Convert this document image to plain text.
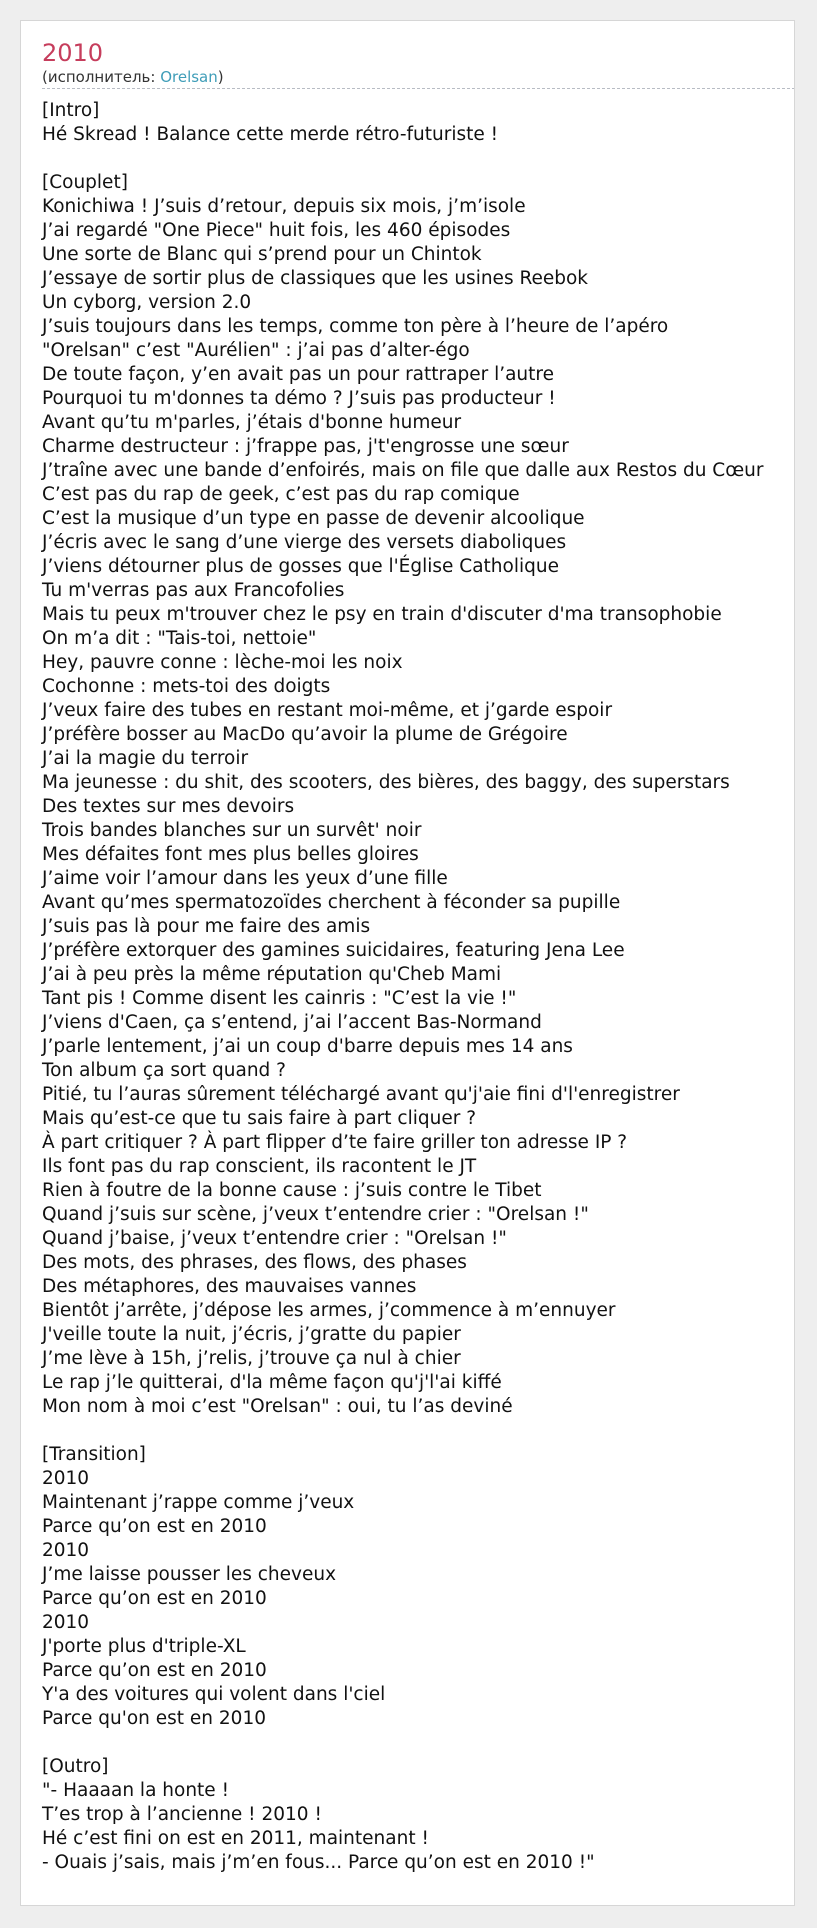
2010
(исполнитель: Orelsan)
[Intro]
Hé Skread ! Balance cette merde rétro-futuriste !
[Couplet]
Konichiwa ! J’suis d’retour, depuis six mois, j’m’isole
J’ai regardé "One Piece" huit fois, les 460 épisodes
Une sorte de Blanc qui s’prend pour un Chintok
J’essaye de sortir plus de classiques que les usines Reebok
Un cyborg, version 2.0
J’suis toujours dans les temps, comme ton père à l’heure de l’apéro
"Orelsan" c’est "Aurélien" : j’ai pas d’alter-égo
De toute façon, y’en avait pas un pour rattraper l’autre
Pourquoi tu m'donnes ta démo ? J’suis pas producteur !
Avant qu’tu m'parles, j’étais d'bonne humeur
Charme destructeur : j’frappe pas, j't'engrosse une sœur
J’traîne avec une bande d’enfoirés, mais on file que dalle aux Restos du Cœur
C’est pas du rap de geek, c’est pas du rap comique
C’est la musique d’un type en passe de devenir alcoolique
J’écris avec le sang d’une vierge des versets diaboliques
J’viens détourner plus de gosses que l'Église Catholique
Tu m'verras pas aux Francofolies
Mais tu peux m'trouver chez le psy en train d'discuter d'ma transophobie
On m’a dit : "Tais-toi, nettoie"
Hey, pauvre conne : lèche-moi les noix
Cochonne : mets-toi des doigts
J’veux faire des tubes en restant moi-même, et j’garde espoir
J’préfère bosser au MacDo qu’avoir la plume de Grégoire
J’ai la magie du terroir
Ma jeunesse : du shit, des scooters, des bières, des baggy, des superstars
Des textes sur mes devoirs
Trois bandes blanches sur un survêt' noir
Mes défaites font mes plus belles gloires
J’aime voir l’amour dans les yeux d’une fille
Avant qu’mes spermatozoïdes cherchent à féconder sa pupille
J’suis pas là pour me faire des amis
J’préfère extorquer des gamines suicidaires, featuring Jena Lee
J’ai à peu près la même réputation qu'Cheb Mami
Tant pis ! Comme disent les cainris : "C’est la vie !"
J’viens d'Caen, ça s’entend, j’ai l’accent Bas-Normand
J’parle lentement, j’ai un coup d'barre depuis mes 14 ans
Ton album ça sort quand ?
Pitié, tu l’auras sûrement téléchargé avant qu'j'aie fini d'l'enregistrer
Mais qu’est-ce que tu sais faire à part cliquer ?
À part critiquer ? À part flipper d’te faire griller ton adresse IP ?
Ils font pas du rap conscient, ils racontent le JT
Rien à foutre de la bonne cause : j’suis contre le Tibet
Quand j’suis sur scène, j’veux t’entendre crier : "Orelsan !"
Quand j’baise, j’veux t’entendre crier : "Orelsan !"
Des mots, des phrases, des flows, des phases
Des métaphores, des mauvaises vannes
Bientôt j’arrête, j’dépose les armes, j’commence à m’ennuyer
J'veille toute la nuit, j’écris, j’gratte du papier
J’me lève à 15h, j’relis, j’trouve ça nul à chier
Le rap j’le quitterai, d'la même façon qu'j'l'ai kiffé
Mon nom à moi c’est "Orelsan" : oui, tu l’as deviné
[Transition]
2010
Maintenant j’rappe comme j’veux
Parce qu’on est en 2010
2010
J’me laisse pousser les cheveux
Parce qu’on est en 2010
2010
J'porte plus d'triple-XL
Parce qu’on est en 2010
Y'a des voitures qui volent dans l'ciel
Parce qu'on est en 2010
[Outro]
"- Haaaan la honte !
T’es trop à l’ancienne ! 2010 !
Hé c’est fini on est en 2011, maintenant !
- Ouais j’sais, mais j’m’en fous... Parce qu’on est en 2010 !"
